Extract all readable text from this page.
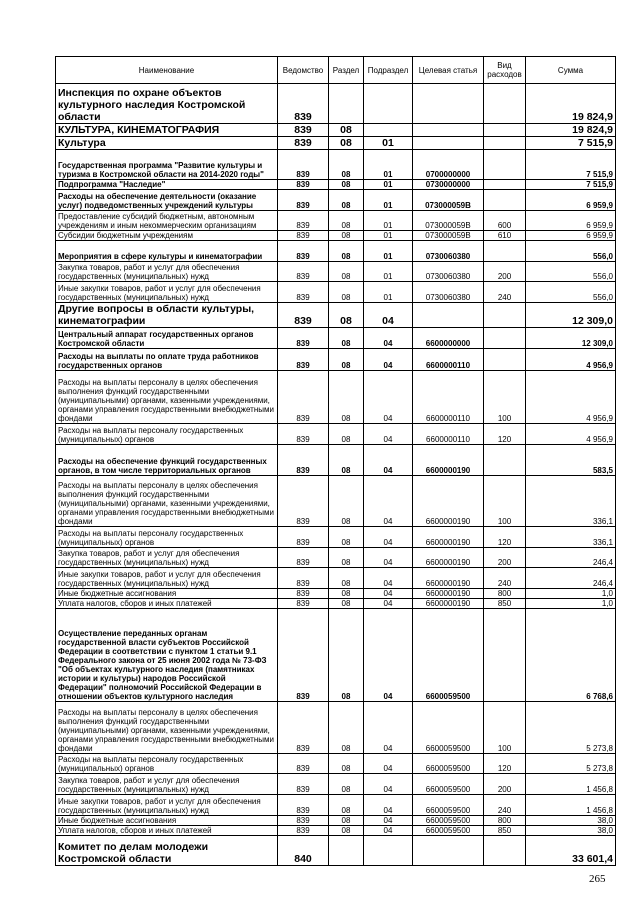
Наименование	Ведомство	Раздел	Подраздел	Целевая статья	Вид расходов	Сумма
Инспекция по охране объектов культурного наследия Костромской области	839					19 824,9
КУЛЬТУРА, КИНЕМАТОГРАФИЯ	839	08				19 824,9
Культура	839	08	01			7 515,9
Государственная программа "Развитие культуры и туризма в Костромской области на 2014-2020 годы"	839	08	01	0700000000		7 515,9
Подпрограмма "Наследие"	839	08	01	0730000000		7 515,9
Расходы на обеспечение деятельности (оказание услуг) подведомственных учреждений культуры	839	08	01	073000059В		6 959,9
Предоставление субсидий бюджетным, автономным учреждениям и иным некоммерческим организациям	839	08	01	073000059В	600	6 959,9
Субсидии бюджетным учреждениям	839	08	01	073000059В	610	6 959,9
Мероприятия в сфере культуры и кинематографии	839	08	01	0730060380		556,0
Закупка товаров, работ и услуг для обеспечения государственных (муниципальных) нужд	839	08	01	0730060380	200	556,0
Иные закупки товаров, работ и услуг для обеспечения государственных (муниципальных) нужд	839	08	01	0730060380	240	556,0
Другие вопросы в области культуры, кинематографии	839	08	04			12 309,0
Центральный аппарат государственных органов Костромской области	839	08	04	6600000000		12 309,0
Расходы на выплаты по оплате труда работников государственных органов	839	08	04	6600000110		4 956,9
Расходы на выплаты персоналу в целях обеспечения выполнения функций государственными (муниципальными) органами, казенными учреждениями, органами управления государственными внебюджетными фондами	839	08	04	6600000110	100	4 956,9
Расходы на выплаты персоналу государственных (муниципальных) органов	839	08	04	6600000110	120	4 956,9
Расходы на обеспечение функций государственных органов, в том числе территориальных органов	839	08	04	6600000190		583,5
Расходы на выплаты персоналу в целях обеспечения выполнения функций государственными (муниципальными) органами, казенными учреждениями, органами управления государственными внебюджетными фондами	839	08	04	6600000190	100	336,1
Расходы на выплаты персоналу государственных (муниципальных) органов	839	08	04	6600000190	120	336,1
Закупка товаров, работ и услуг для обеспечения государственных (муниципальных) нужд	839	08	04	6600000190	200	246,4
Иные закупки товаров, работ и услуг для обеспечения государственных (муниципальных) нужд	839	08	04	6600000190	240	246,4
Иные бюджетные ассигнования	839	08	04	6600000190	800	1,0
Уплата налогов, сборов и иных платежей	839	08	04	6600000190	850	1,0
Осуществление переданных органам государственной власти субъектов Российской Федерации в соответствии с пунктом 1 статьи 9.1 Федерального закона от 25 июня 2002 года № 73-ФЗ "Об объектах культурного наследия (памятниках истории и культуры) народов Российской Федерации" полномочий Российской Федерации в отношении объектов культурного наследия	839	08	04	6600059500		6 768,6
Расходы на выплаты персоналу в целях обеспечения выполнения функций государственными (муниципальными) органами, казенными учреждениями, органами управления государственными внебюджетными фондами	839	08	04	6600059500	100	5 273,8
Расходы на выплаты персоналу государственных (муниципальных) органов	839	08	04	6600059500	120	5 273,8
Закупка товаров, работ и услуг для обеспечения государственных (муниципальных) нужд	839	08	04	6600059500	200	1 456,8
Иные закупки товаров, работ и услуг для обеспечения государственных (муниципальных) нужд	839	08	04	6600059500	240	1 456,8
Иные бюджетные ассигнования	839	08	04	6600059500	800	38,0
Уплата налогов, сборов и иных платежей	839	08	04	6600059500	850	38,0
Комитет по делам молодежи Костромской области	840					33 601,4
265
